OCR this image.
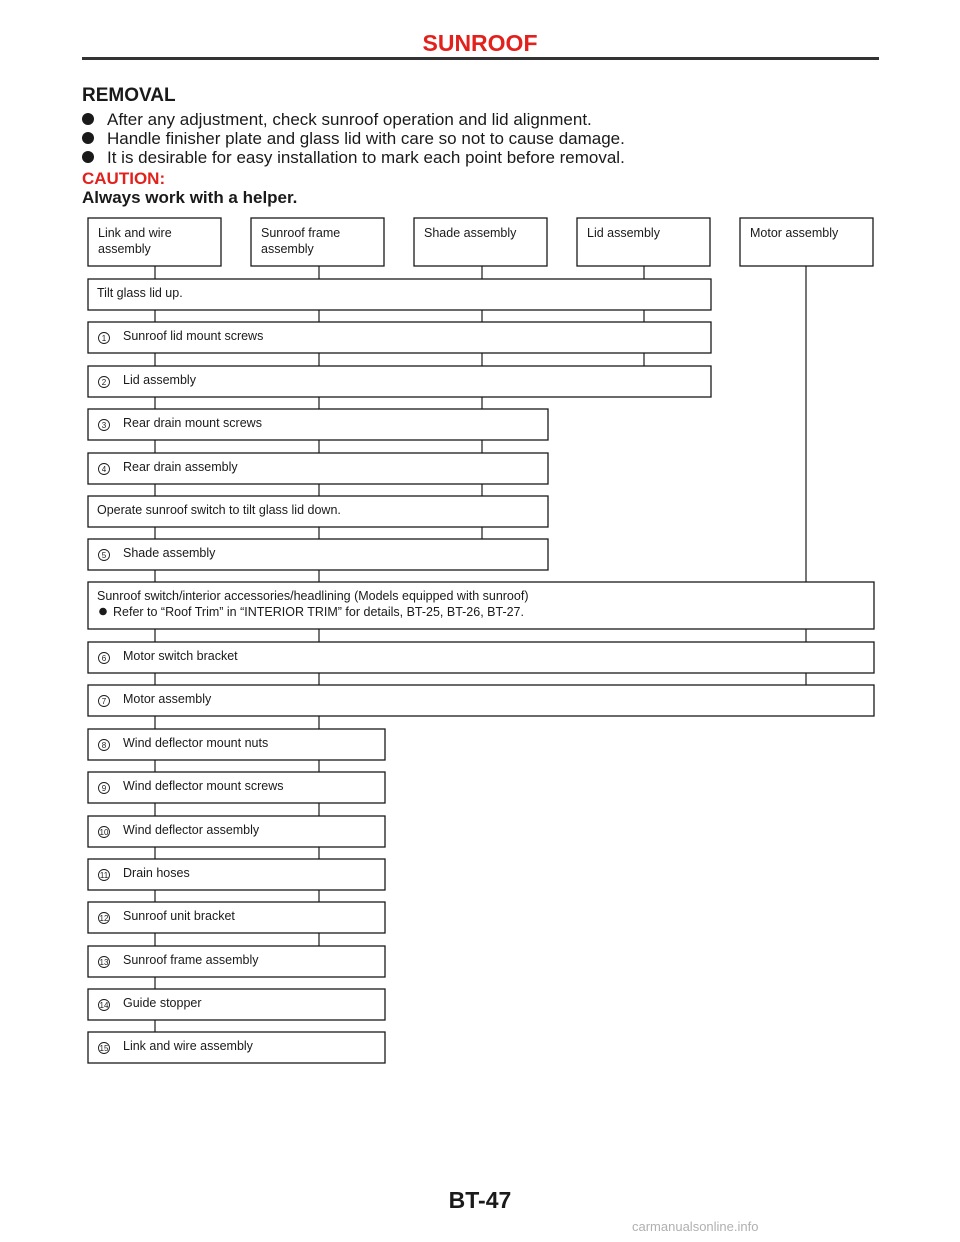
SUNROOF
REMOVAL
After any adjustment, check sunroof operation and lid alignment.
Handle finisher plate and glass lid with care so not to cause damage.
It is desirable for easy installation to mark each point before removal.
CAUTION:
Always work with a helper.
Link and wire
assembly
Sunroof frame
assembly
Shade assembly	Lid assembly	Motor assembly
Tilt glass lid up.
1 Sunroof lid mount screws
2 Lid assembly
3 Rear drain mount screws
4 Rear drain assembly
Operate sunroof switch to tilt glass lid down.
5 Shade assembly
Sunroof switch/interior accessories/headlining (Models equipped with sunroof)
Refer to “Roof Trim” in “INTERIOR TRIM” for details, BT-25, BT-26, BT-27.
6 Motor switch bracket
7 Motor assembly
8 Wind deflector mount nuts
9 Wind deflector mount screws
10 Wind deflector assembly
11 Drain hoses
12 Sunroof unit bracket
13 Sunroof frame assembly
14 Guide stopper
15 Link and wire assembly
BT-47
carmanualsonline.info
